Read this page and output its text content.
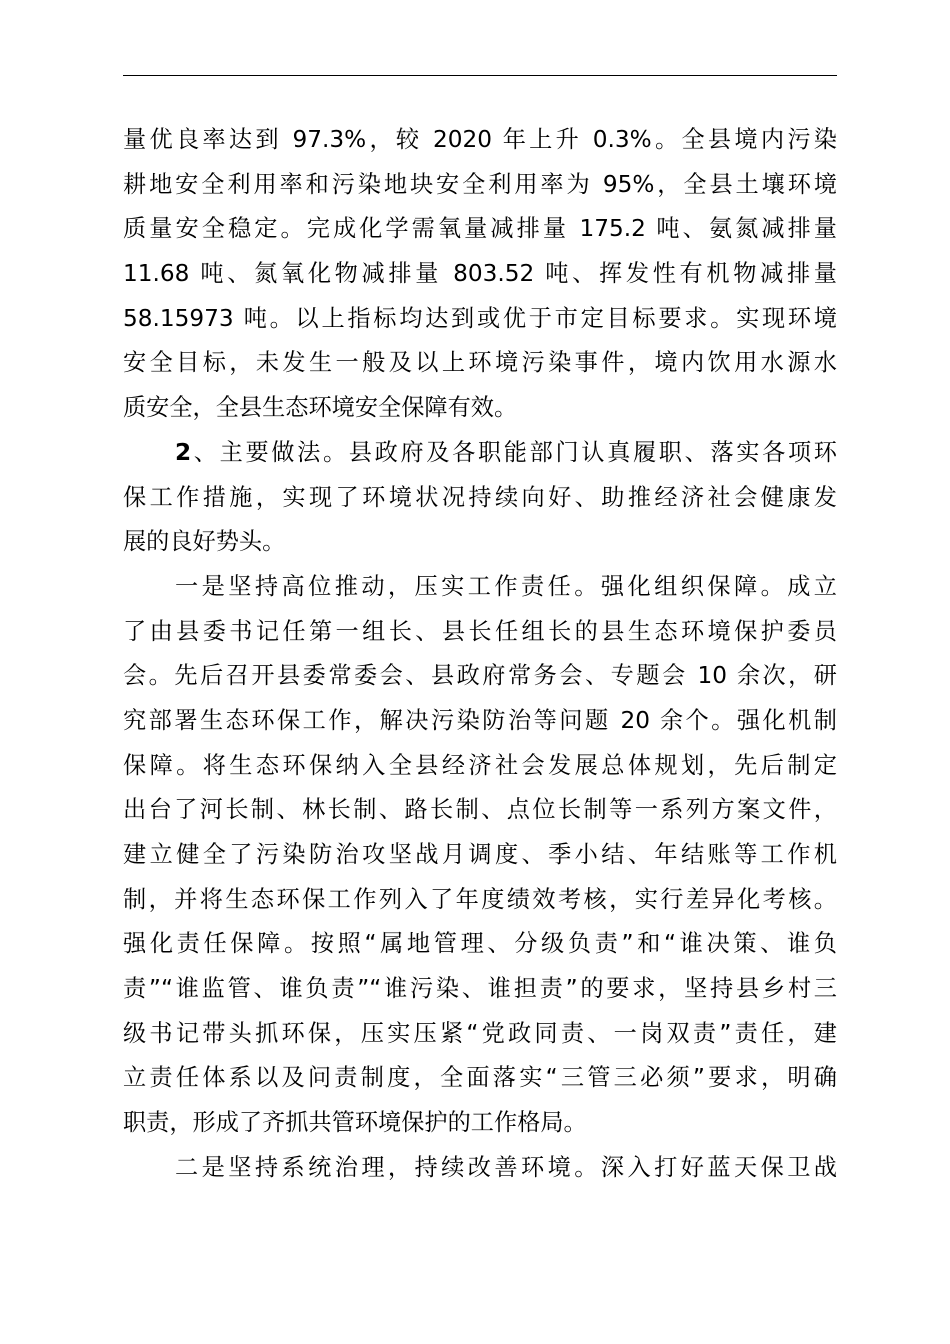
量优良率达到 97.3%，较 2020 年上升 0.3%。全县境内污染
耕地安全利用率和污染地块安全利用率为 95%，全县土壤环境
质量安全稳定。完成化学需氧量减排量 175.2 吨、氨氮减排量
11.68 吨、氮氧化物减排量 803.52 吨、挥发性有机物减排量
58.15973 吨。以上指标均达到或优于市定目标要求。实现环境
安全目标，未发生一般及以上环境污染事件，境内饮用水源水
质安全，全县生态环境安全保障有效。
2、主要做法。县政府及各职能部门认真履职、落实各项环
保工作措施，实现了环境状况持续向好、助推经济社会健康发
展的良好势头。
一是坚持高位推动，压实工作责任。强化组织保障。成立
了由县委书记任第一组长、县长任组长的县生态环境保护委员
会。先后召开县委常委会、县政府常务会、专题会 10 余次，研
究部署生态环保工作，解决污染防治等问题 20 余个。强化机制
保障。将生态环保纳入全县经济社会发展总体规划，先后制定
出台了河长制、林长制、路长制、点位长制等一系列方案文件，
建立健全了污染防治攻坚战月调度、季小结、年结账等工作机
制，并将生态环保工作列入了年度绩效考核，实行差异化考核。
强化责任保障。按照“属地管理、分级负责”和“谁决策、谁负
责”“谁监管、谁负责”“谁污染、谁担责”的要求，坚持县乡村三
级书记带头抓环保，压实压紧“党政同责、一岗双责”责任，建
立责任体系以及问责制度，全面落实“三管三必须”要求，明确
职责，形成了齐抓共管环境保护的工作格局。
二是坚持系统治理，持续改善环境。深入打好蓝天保卫战
